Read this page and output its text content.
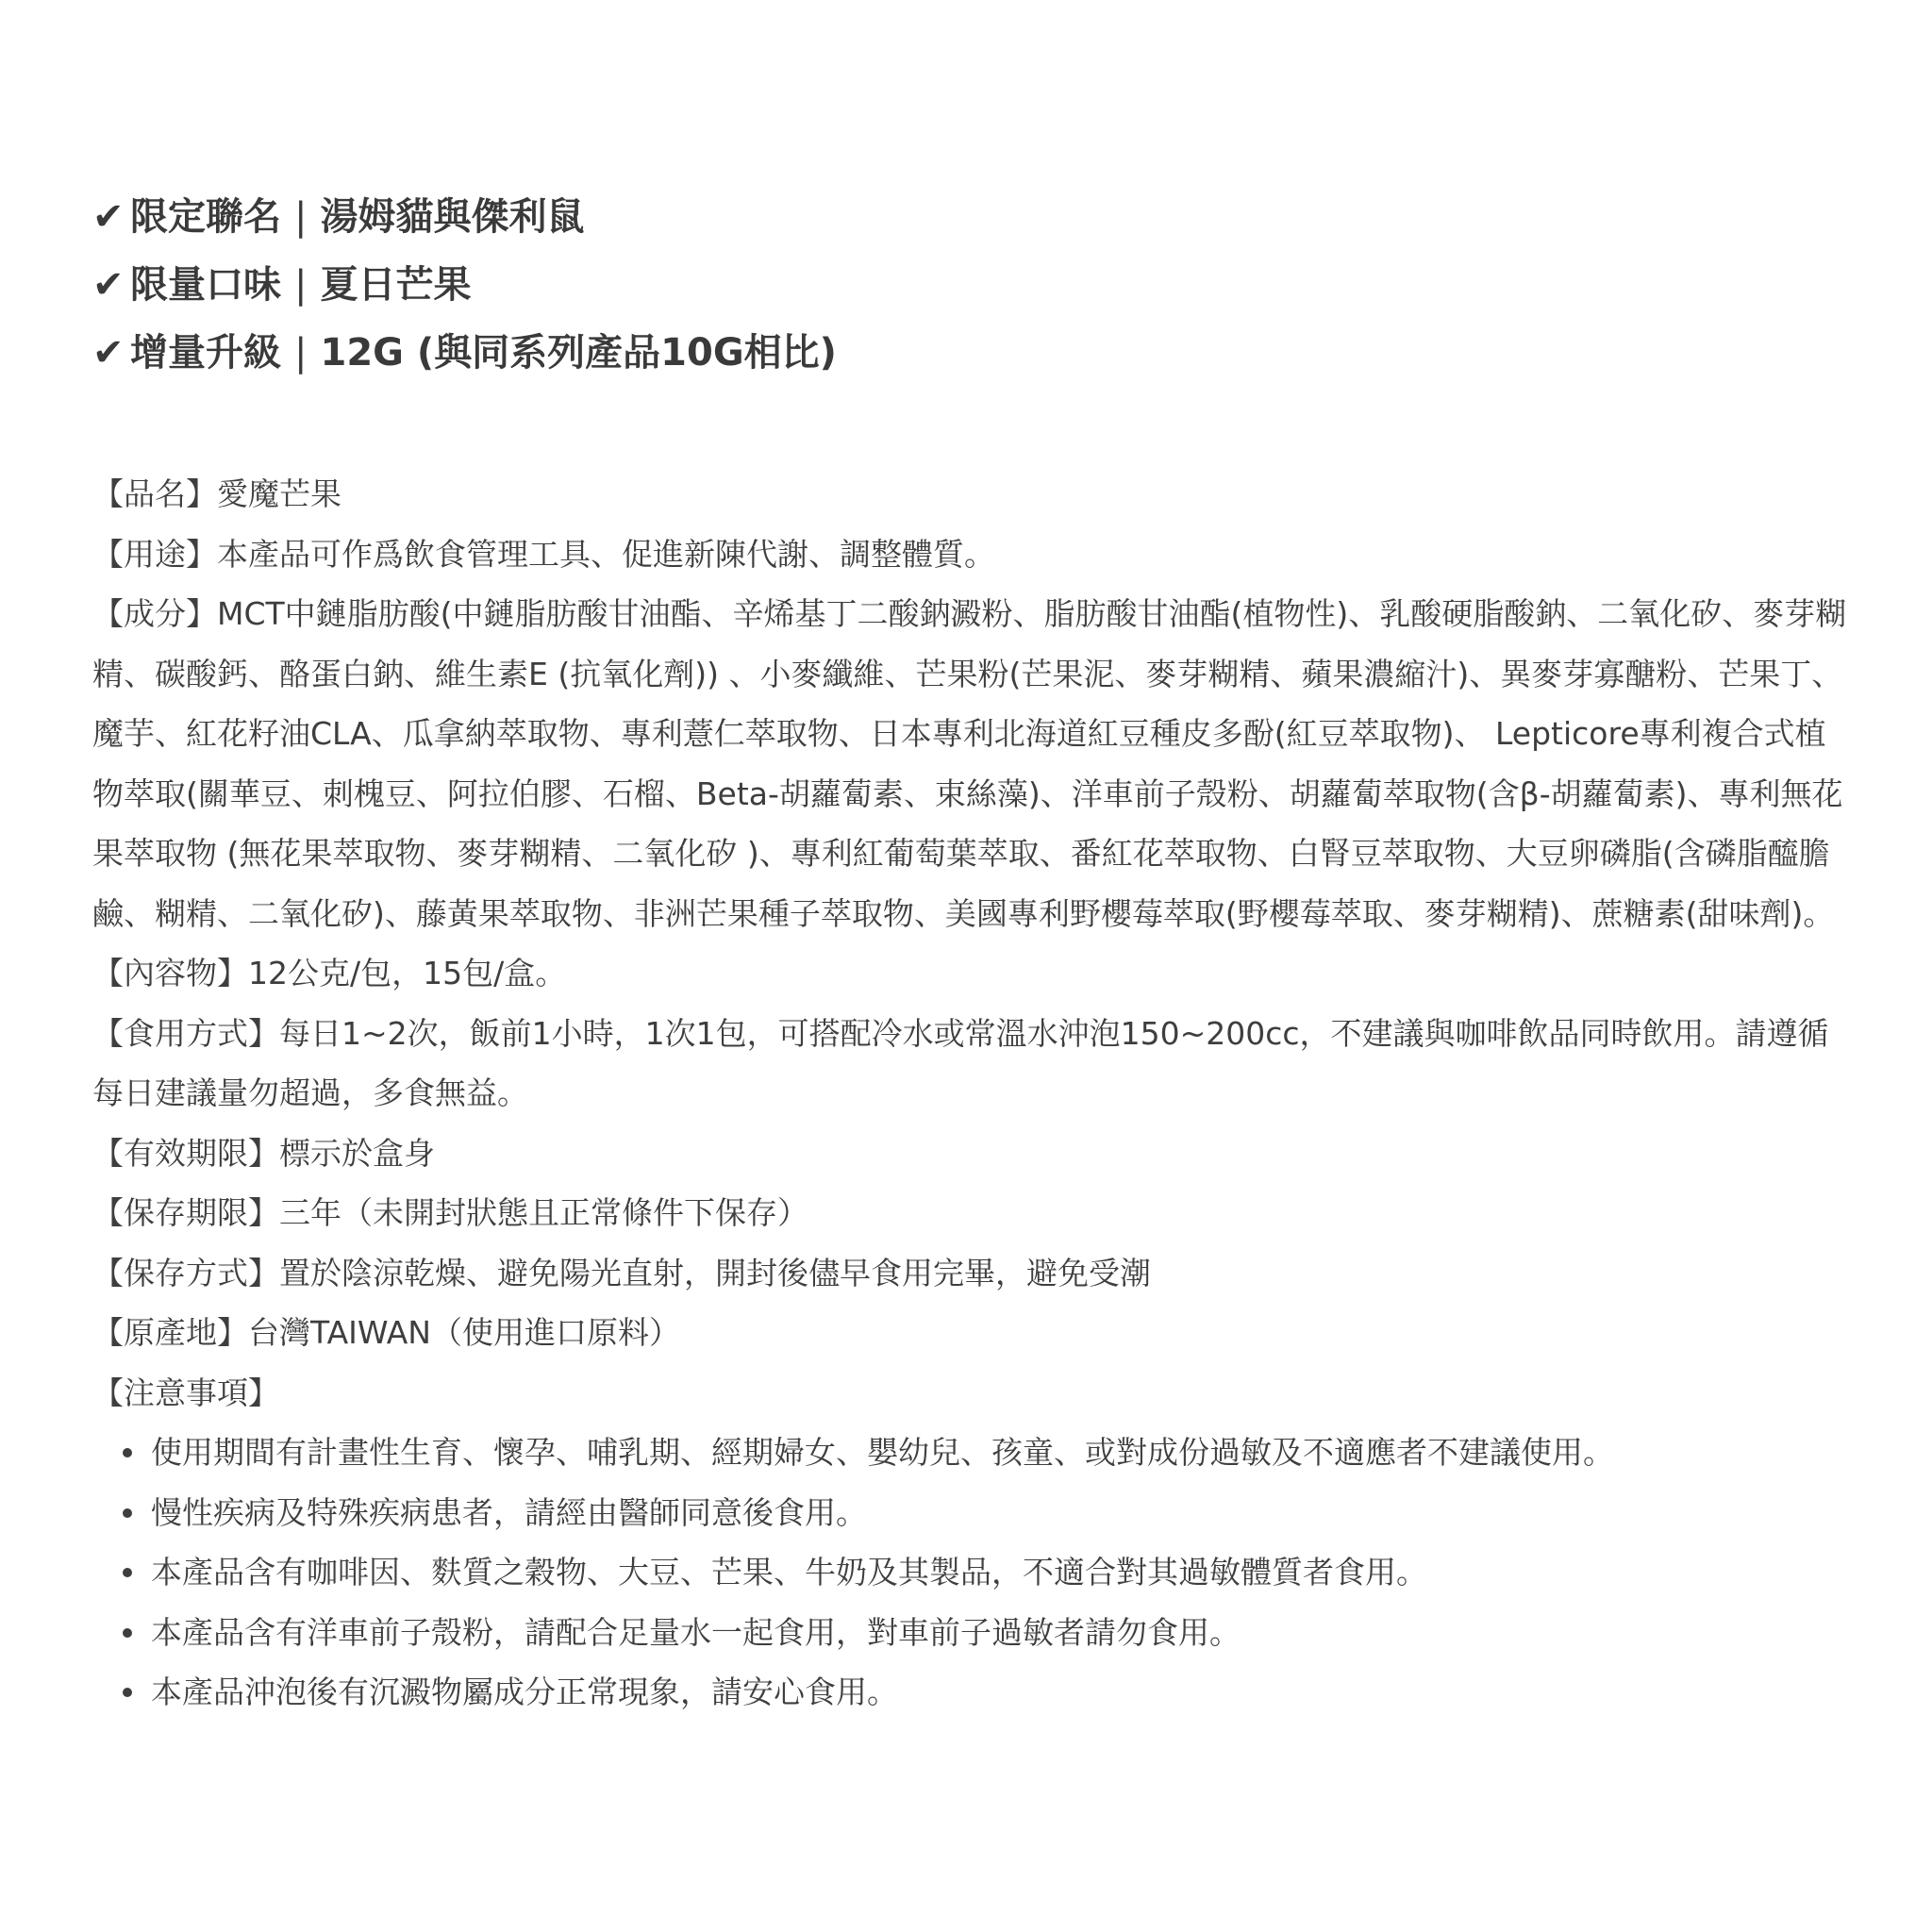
✔ 限定聯名 | 湯姆貓與傑利鼠
✔ 限量口味 | 夏日芒果
✔ 增量升級 | 12G (與同系列產品10G相比)
【品名】愛魔芒果
【用途】本產品可作爲飲食管理工具、促進新陳代謝、調整體質。
【成分】MCT中鏈脂肪酸(中鏈脂肪酸甘油酯、辛烯基丁二酸鈉澱粉、脂肪酸甘油酯(植物性)、乳酸硬脂酸鈉、二氧化矽、麥芽糊精、碳酸鈣、酪蛋白鈉、維生素E (抗氧化劑)) 、小麥纖維、芒果粉(芒果泥、麥芽糊精、蘋果濃縮汁)、異麥芽寡醣粉、芒果丁、魔芋、紅花籽油CLA、瓜拿納萃取物、專利薏仁萃取物、日本專利北海道紅豆種皮多酚(紅豆萃取物)、 Lepticore專利複合式植物萃取(關華豆、刺槐豆、阿拉伯膠、石榴、Beta-胡蘿蔔素、束絲藻)、洋車前子殼粉、胡蘿蔔萃取物(含β-胡蘿蔔素)、專利無花果萃取物 (無花果萃取物、麥芽糊精、二氧化矽 )、專利紅葡萄葉萃取、番紅花萃取物、白腎豆萃取物、大豆卵磷脂(含磷脂醯膽鹼、糊精、二氧化矽)、藤黃果萃取物、非洲芒果種子萃取物、美國專利野櫻莓萃取(野櫻莓萃取、麥芽糊精)、蔗糖素(甜味劑)。
【內容物】12公克/包，15包/盒。
【食用方式】每日1~2次，飯前1小時，1次1包，可搭配冷水或常溫水沖泡150~200cc，不建議與咖啡飲品同時飲用。請遵循每日建議量勿超過，多食無益。
【有效期限】標示於盒身
【保存期限】三年（未開封狀態且正常條件下保存）
【保存方式】置於陰涼乾燥、避免陽光直射，開封後儘早食用完畢，避免受潮
【原產地】台灣TAIWAN（使用進口原料）
【注意事項】
使用期間有計畫性生育、懷孕、哺乳期、經期婦女、嬰幼兒、孩童、或對成份過敏及不適應者不建議使用。
慢性疾病及特殊疾病患者，請經由醫師同意後食用。
本產品含有咖啡因、麩質之穀物、大豆、芒果、牛奶及其製品，不適合對其過敏體質者食用。
本產品含有洋車前子殼粉，請配合足量水一起食用，對車前子過敏者請勿食用。
本產品沖泡後有沉澱物屬成分正常現象，請安心食用。
